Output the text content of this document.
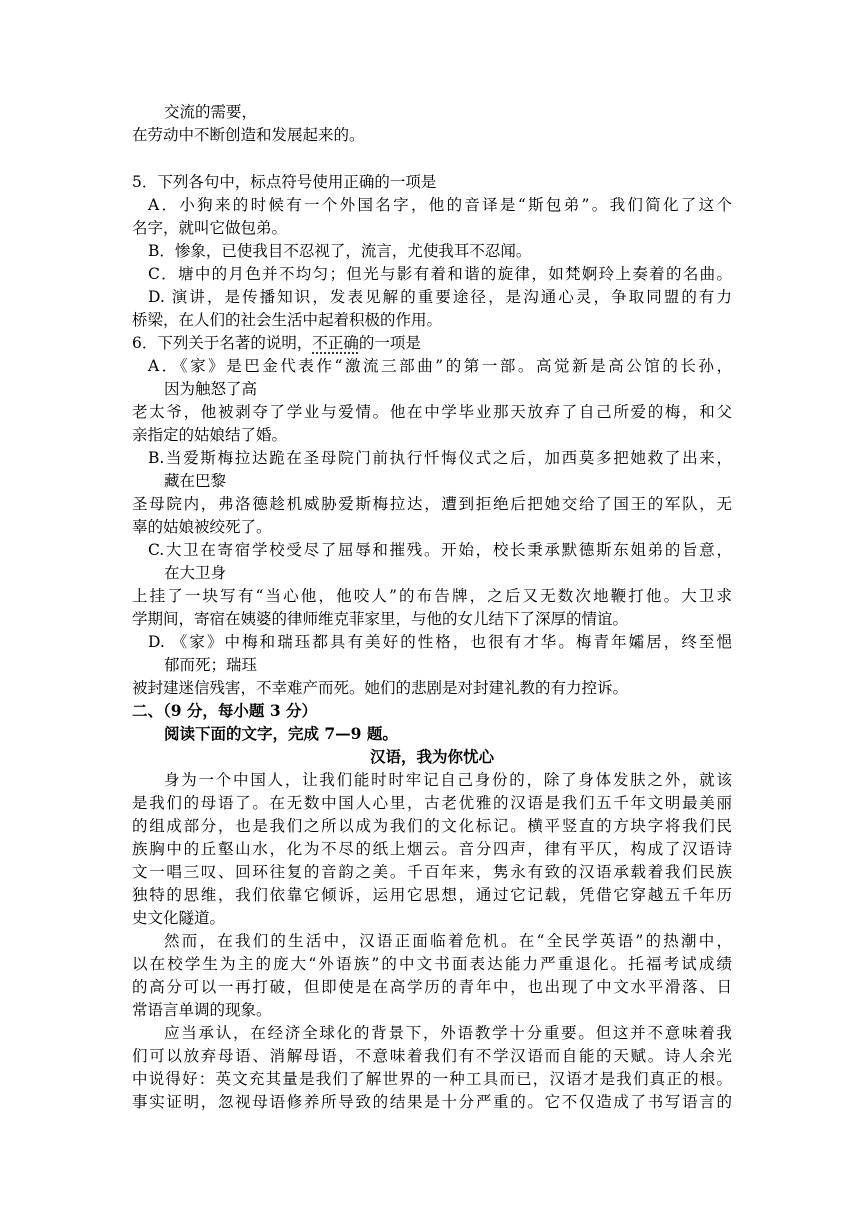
交流的需要，
在劳动中不断创造和发展起来的。
5．下列各句中，标点符号使用正确的一项是
A．小狗来的时候有一个外国名字，他的音译是“斯包弟”。我们简化了这个
名字，就叫它做包弟。
B．惨象，已使我目不忍视了，流言，尤使我耳不忍闻。
C．塘中的月色并不均匀；但光与影有着和谐的旋律，如梵婀玲上奏着的名曲。
D. 演讲，是传播知识，发表见解的重要途径，是沟通心灵，争取同盟的有力
桥梁，在人们的社会生活中起着积极的作用。
6．下列关于名著的说明，不正确的一项是
A．《家》是巴金代表作“激流三部曲”的第一部。高觉新是高公馆的长孙，
因为触怒了高
老太爷，他被剥夺了学业与爱情。他在中学毕业那天放弃了自己所爱的梅，和父
亲指定的姑娘结了婚。
B.当爱斯梅拉达跪在圣母院门前执行忏悔仪式之后，加西莫多把她救了出来，
藏在巴黎
圣母院内，弗洛德趁机威胁爱斯梅拉达，遭到拒绝后把她交给了国王的军队，无
辜的姑娘被绞死了。
C.大卫在寄宿学校受尽了屈辱和摧残。开始，校长秉承默德斯东姐弟的旨意，
在大卫身
上挂了一块写有“当心他，他咬人”的布告牌，之后又无数次地鞭打他。大卫求
学期间，寄宿在姨婆的律师维克菲家里，与他的女儿结下了深厚的情谊。
D. 《家》中梅和瑞珏都具有美好的性格，也很有才华。梅青年孀居，终至悒
郁而死；瑞珏
被封建迷信残害，不幸难产而死。她们的悲剧是对封建礼教的有力控诉。
二、（9 分，每小题 3 分）
阅读下面的文字，完成 7—9 题。
汉语，我为你忧心
身为一个中国人，让我们能时时牢记自己身份的，除了身体发肤之外，就该
是我们的母语了。在无数中国人心里，古老优雅的汉语是我们五千年文明最美丽
的组成部分，也是我们之所以成为我们的文化标记。横平竖直的方块字将我们民
族胸中的丘壑山水，化为不尽的纸上烟云。音分四声，律有平仄，构成了汉语诗
文一唱三叹、回环往复的音韵之美。千百年来，隽永有致的汉语承载着我们民族
独特的思维，我们依靠它倾诉，运用它思想，通过它记载，凭借它穿越五千年历
史文化隧道。
然而，在我们的生活中，汉语正面临着危机。在“全民学英语”的热潮中，
以在校学生为主的庞大“外语族”的中文书面表达能力严重退化。托福考试成绩
的高分可以一再打破，但即使是在高学历的青年中，也出现了中文水平滑落、日
常语言单调的现象。
应当承认，在经济全球化的背景下，外语教学十分重要。但这并不意味着我
们可以放弃母语、消解母语，不意味着我们有不学汉语而自能的天赋。诗人余光
中说得好：英文充其量是我们了解世界的一种工具而已，汉语才是我们真正的根。
事实证明，忽视母语修养所导致的结果是十分严重的。它不仅造成了书写语言的
